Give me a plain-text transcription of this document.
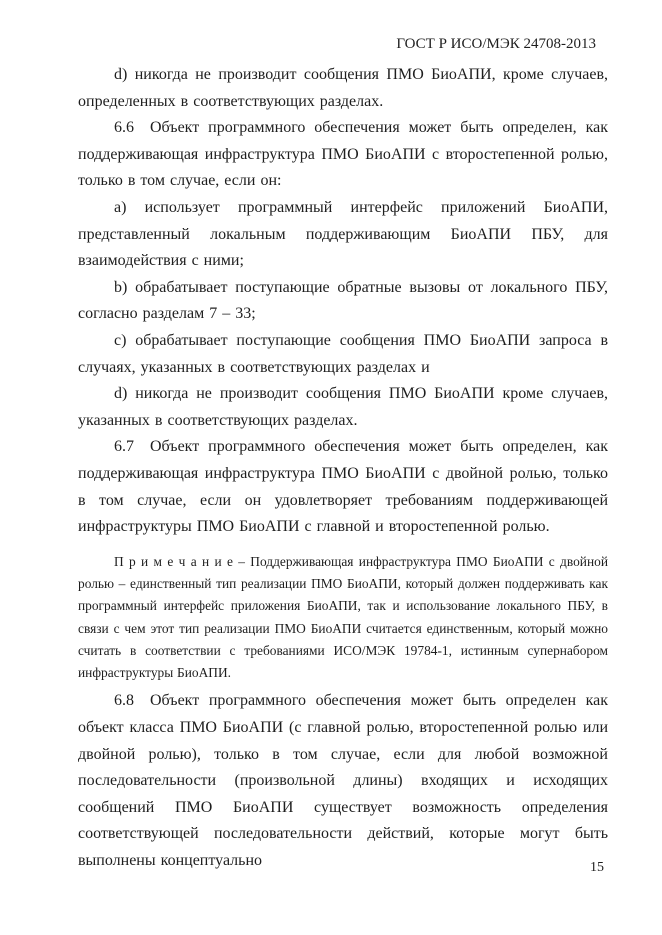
ГОСТ Р ИСО/МЭК 24708-2013

d) никогда не производит сообщения ПМО БиоАПИ, кроме случаев, определенных в соответствующих разделах.

6.6 Объект программного обеспечения может быть определен, как поддерживающая инфраструктура ПМО БиоАПИ с второстепенной ролью, только в том случае, если он:

a) использует программный интерфейс приложений БиоАПИ, представленный локальным поддерживающим БиоАПИ ПБУ, для взаимодействия с ними;

b) обрабатывает поступающие обратные вызовы от локального ПБУ, согласно разделам 7 – 33;

c) обрабатывает поступающие сообщения ПМО БиоАПИ запроса в случаях, указанных в соответствующих разделах и

d) никогда не производит сообщения ПМО БиоАПИ кроме случаев, указанных в соответствующих разделах.

6.7 Объект программного обеспечения может быть определен, как поддерживающая инфраструктура ПМО БиоАПИ с двойной ролью, только в том случае, если он удовлетворяет требованиям поддерживающей инфраструктуры ПМО БиоАПИ с главной и второстепенной ролью.

П р и м е ч а н и е – Поддерживающая инфраструктура ПМО БиоАПИ с двойной ролью – единственный тип реализации ПМО БиоАПИ, который должен поддерживать как программный интерфейс приложения БиоАПИ, так и использование локального ПБУ, в связи с чем этот тип реализации ПМО БиоАПИ считается единственным, который можно считать в соответствии с требованиями ИСО/МЭК 19784-1, истинным супернабором инфраструктуры БиоАПИ.

6.8 Объект программного обеспечения может быть определен как объект класса ПМО БиоАПИ (с главной ролью, второстепенной ролью или двойной ролью), только в том случае, если для любой возможной последовательности (произвольной длины) входящих и исходящих сообщений ПМО БиоАПИ существует возможность определения соответствующей последовательности действий, которые могут быть выполнены концептуально	15
